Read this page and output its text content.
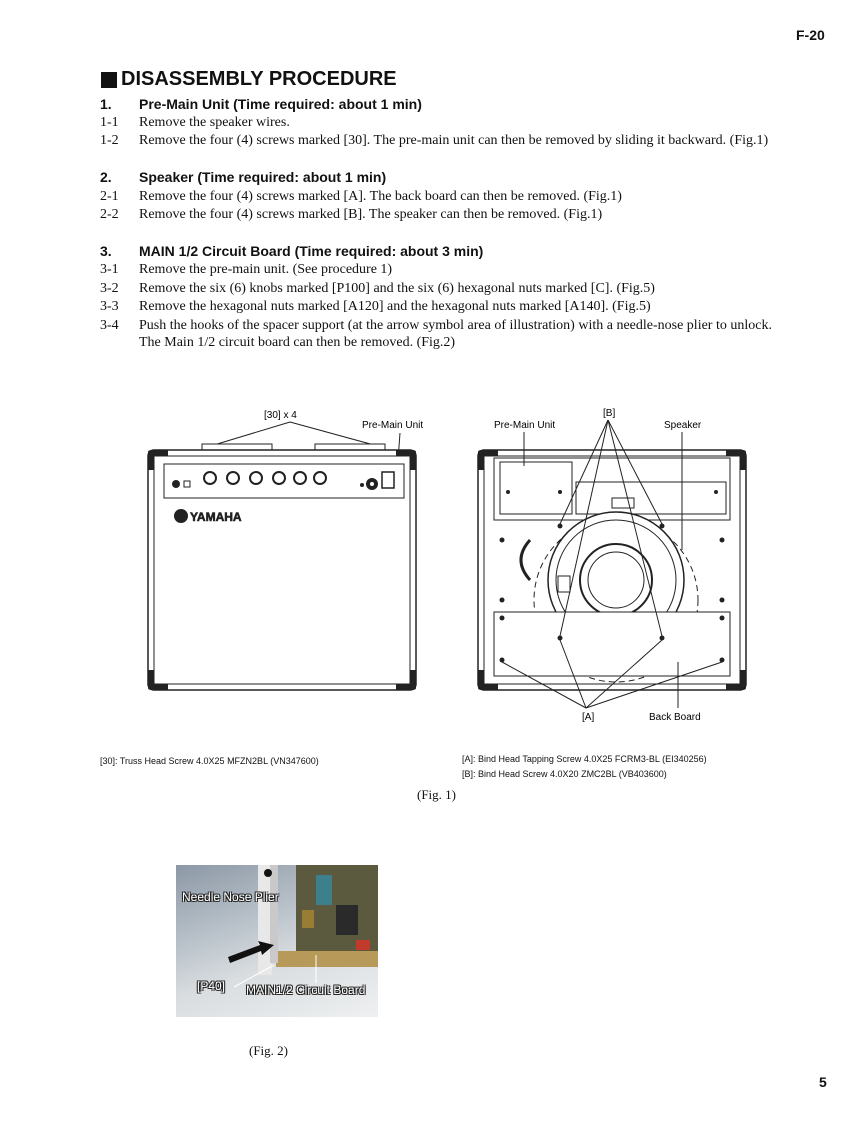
F-20
DISASSEMBLY PROCEDURE
1. Pre-Main Unit (Time required: about 1 min)
1-1 Remove the speaker wires.
1-2 Remove the four (4) screws marked [30]. The pre-main unit can then be removed by sliding it backward. (Fig.1)
2. Speaker (Time required: about 1 min)
2-1 Remove the four (4) screws marked [A]. The back board can then be removed. (Fig.1)
2-2 Remove the four (4) screws marked [B]. The speaker can then be removed. (Fig.1)
3. MAIN 1/2 Circuit Board (Time required: about 3 min)
3-1 Remove the pre-main unit. (See procedure 1)
3-2 Remove the six (6) knobs marked [P100] and the six (6) hexagonal nuts marked [C]. (Fig.5)
3-3 Remove the hexagonal nuts marked [A120] and the hexagonal nuts marked [A140]. (Fig.5)
3-4 Push the hooks of the spacer support (at the arrow symbol area of illustration) with a needle-nose plier to unlock.
The Main 1/2 circuit board can then be removed. (Fig.2)
[30] x 4
Pre-Main Unit
YAMAHA
Pre-Main Unit
[B]
Speaker
[A]	Back Board
[30]: Truss Head Screw 4.0X25 MFZN2BL (VN347600)	[A]: Bind Head Tapping Screw 4.0X25 FCRM3-BL (EI340256)
[B]: Bind Head Screw 4.0X20 ZMC2BL (VB403600)
(Fig. 1)
Needle Nose Plier
[P40] MAIN1/2 Circuit Board
(Fig. 2)
5
